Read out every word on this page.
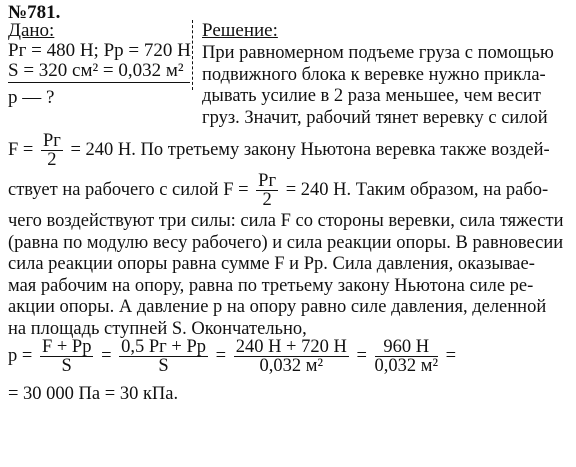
№781.
Дано:
Pг = 480 Н; Pр = 720 Н
S = 320 см² = 0,032 м²
p — ?
Решение:
При равномерном подъеме груза с помощью
подвижного блока к веревке нужно прикла-
дывать усилие в 2 раза меньшее, чем весит
груз. Значит, рабочий тянет веревку с силой
$F = \frac{Pг}{2} = 240$ Н. По третьему закону Ньютона веревка также воздей-
ствует на рабочего с силой $F = \frac{Pг}{2} = 240$ Н. Таким образом, на рабо-
чего воздействуют три силы: сила F со стороны веревки, сила тяжести
(равна по модулю весу рабочего) и сила реакции опоры. В равновесии
сила реакции опоры равна сумме F и Pр. Сила давления, оказывае-
мая рабочим на опору, равна по третьему закону Ньютона силе ре-
акции опоры. А давление p на опору равно силе давления, деленной
на площадь ступней S. Окончательно,
$p = \frac{F + Pр}{S} = \frac{0,5 Pг + Pр}{S} = \frac{240 Н + 720 Н}{\text{0,032 м²}} = \frac{960 Н}{\text{0,032 м²}}$ =
= 30 000 Па = 30 кПа.
